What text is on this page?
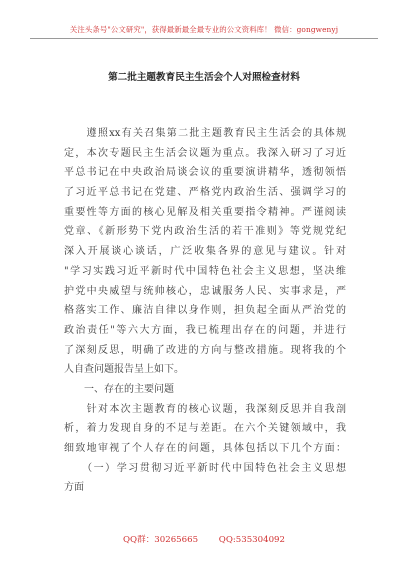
关注头条号"公文研究"，获得最新最全最专业的公文资料库！ 微信：gongwenyj
第二批主题教育民主生活会个人对照检查材料
　　遵照xx有关召集第二批主题教育民主生活会的具体规
定，本次专题民主生活会议题为重点。我深入研习了习近
平总书记在中央政治局谈会议的重要演讲精华，透彻领悟
了习近平总书记在党建、严格党内政治生活、强调学习的
重要性等方面的核心见解及相关重要指令精神。严谨阅读
党章、《新形势下党内政治生活的若干准则》等党规党纪
深入开展谈心谈话，广泛收集各界的意见与建议。针对
"学习实践习近平新时代中国特色社会主义思想，坚决维
护党中央威望与统帅核心，忠诚服务人民、实事求是，严
格落实工作、廉洁自律以身作则，担负起全面从严治党的
政治责任"等六大方面，我已梳理出存在的问题，并进行
了深刻反思，明确了改进的方向与整改措施。现将我的个
人自查问题报告呈上如下。
　　一、存在的主要问题
　　针对本次主题教育的核心议题，我深刻反思并自我剖
析，着力发现自身的不足与差距。在六个关键领域中，我
细致地审视了个人存在的问题，具体包括以下几个方面：
　　（一）学习贯彻习近平新时代中国特色社会主义思想
方面
QQ群：30265665 QQ:535304092
